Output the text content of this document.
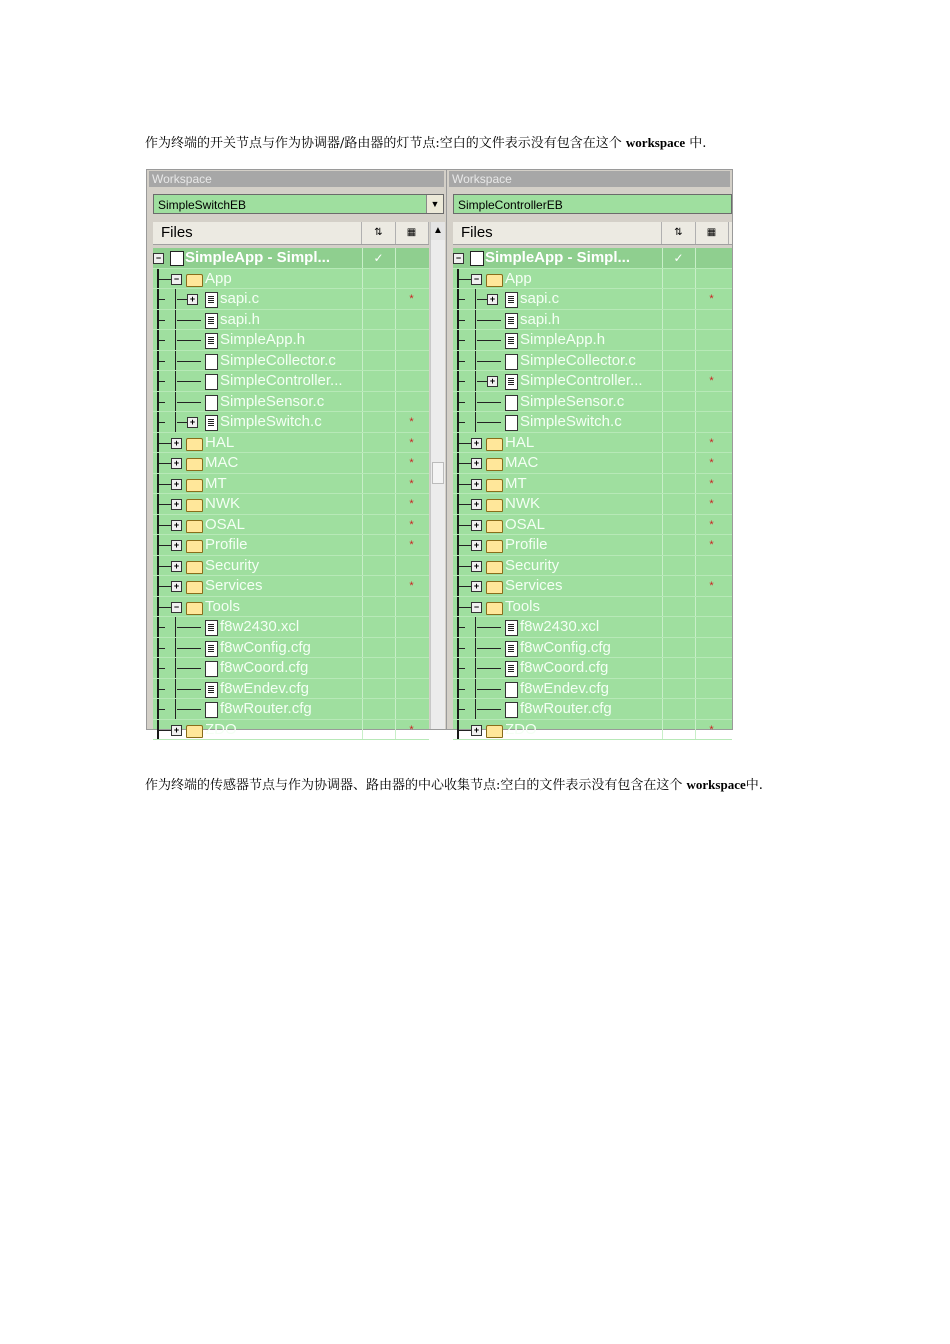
作为终端的开关节点与作为协调器/路由器的灯节点:空白的文件表示没有包含在这个 workspace 中.

Workspace
SimpleSwitchEB	▼
Files	⇅	▦
− SimpleApp - Simpl...	✓
− App
+ sapi.c	*
sapi.h
SimpleApp.h
SimpleCollector.c
SimpleController...
SimpleSensor.c
+ SimpleSwitch.c	*
+ HAL	*
+ MAC	*
+ MT	*
+ NWK	*
+ OSAL	*
+ Profile	*
+ Security
+ Services	*
− Tools
f8w2430.xcl
f8wConfig.cfg
f8wCoord.cfg
f8wEndev.cfg
f8wRouter.cfg
+ ZDO	*
▲
Workspace
SimpleControllerEB
Files	⇅	▦
− SimpleApp - Simpl...	✓
− App
+ sapi.c	*
sapi.h
SimpleApp.h
SimpleCollector.c
+ SimpleController...	*
SimpleSensor.c
SimpleSwitch.c
+ HAL	*
+ MAC	*
+ MT	*
+ NWK	*
+ OSAL	*
+ Profile	*
+ Security
+ Services	*
− Tools
f8w2430.xcl
f8wConfig.cfg
f8wCoord.cfg
f8wEndev.cfg
f8wRouter.cfg
+ ZDO	*

作为终端的传感器节点与作为协调器、路由器的中心收集节点:空白的文件表示没有包含在这个 workspace中.
